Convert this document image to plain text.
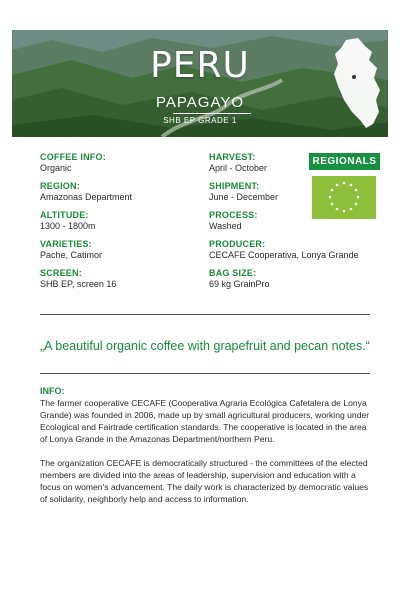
PERU
PAPAGAYO
SHB EP GRADE 1
COFFEE INFO:
Organic
REGION:
Amazonas Department
ALTITUDE:
1300 - 1800m
VARIETIES:
Pache, Catimor
SCREEN:
SHB EP, screen 16
HARVEST:
April - October
SHIPMENT:
June - December
PROCESS:
Washed
PRODUCER:
CECAFE Cooperativa, Lonya Grande
BAG SIZE:
69 kg GrainPro
REGIONALS
„A beautiful organic coffee with grapefruit and pecan notes.“
INFO:
The farmer cooperative CECAFE (Cooperativa Agraria Ecológica Cafetalera de Lonya Grande) was founded in 2006, made up by small agricultural producers, working under Ecological and Fairtrade certification standards. The cooperative is located in the area of Lonya Grande in the Amazonas Department/northern Peru.
The organization CECAFE is democratically structured - the committees of the elected members are divided into the areas of leadership, supervision and education with a focus on women's advancement. The daily work is characterized by democratic values of solidarity, neighborly help and access to information.
